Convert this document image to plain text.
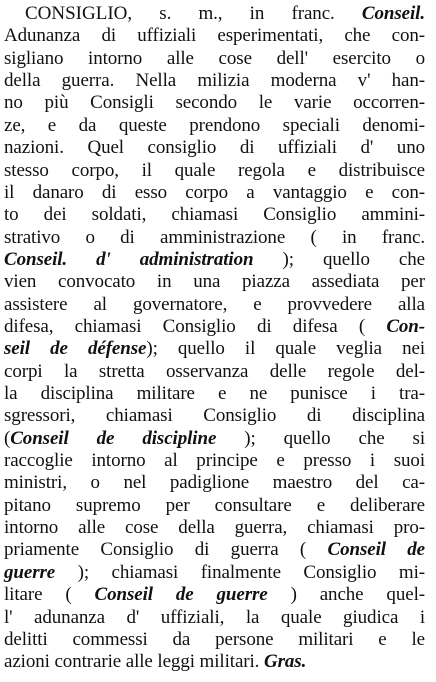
CONSIGLIO, s. m., in franc. Conseil.
Adunanza di uffiziali esperimentati, che con-
sigliano intorno alle cose dell' esercito o
della guerra. Nella milizia moderna v' han-
no più Consigli secondo le varie occorren-
ze, e da queste prendono speciali denomi-
nazioni. Quel consiglio di uffiziali d' uno
stesso corpo, il quale regola e distribuisce
il danaro di esso corpo a vantaggio e con-
to dei soldati, chiamasi Consiglio ammini-
strativo o di amministrazione ( in franc.
Conseil. d' administration ); quello che
vien convocato in una piazza assediata per
assistere al governatore, e provvedere alla
difesa, chiamasi Consiglio di difesa ( Con-
seil de défense); quello il quale veglia nei
corpi la stretta osservanza delle regole del-
la disciplina militare e ne punisce i tra-
sgressori, chiamasi Consiglio di disciplina
(Conseil de discipline ); quello che si
raccoglie intorno al principe e presso i suoi
ministri, o nel padiglione maestro del ca-
pitano supremo per consultare e deliberare
intorno alle cose della guerra, chiamasi pro-
priamente Consiglio di guerra ( Conseil de
guerre ); chiamasi finalmente Consiglio mi-
litare ( Conseil de guerre ) anche quel-
l' adunanza d' uffiziali, la quale giudica i
delitti commessi da persone militari e le
azioni contrarie alle leggi militari. Gras.
